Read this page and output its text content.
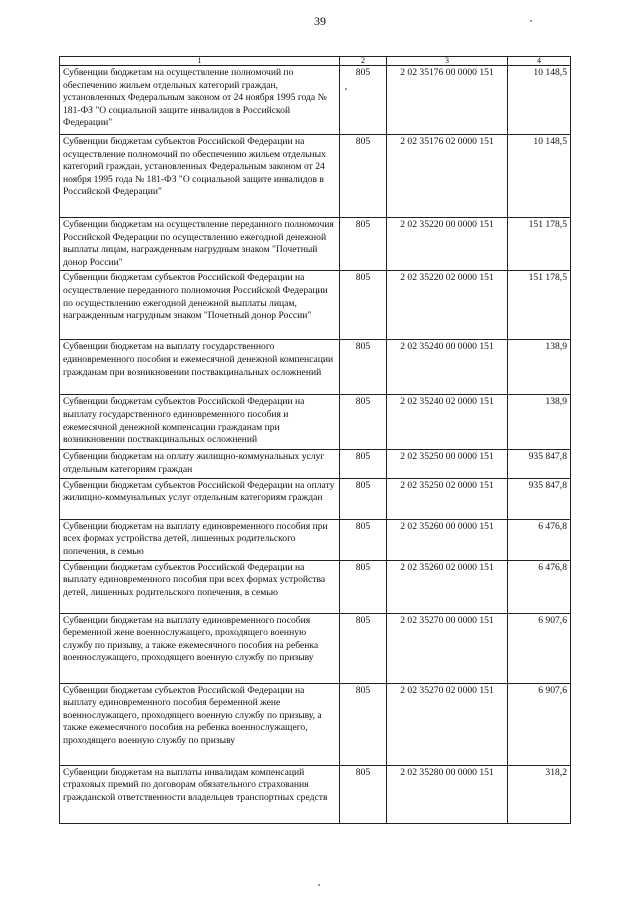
39
1	2	3	4
Субвенции бюджетам на осуществление полномочий по обеспечению жильем отдельных категорий граждан, установленных Федеральным законом от 24 ноября 1995 года № 181-ФЗ "О социальной защите инвалидов в Российской Федерации"	805	2 02 35176 00 0000 151	10 148,5
Субвенции бюджетам субъектов Российской Федерации на осуществление полномочий по обеспечению жильем отдельных категорий граждан, установленных Федеральным законом от 24 ноября 1995 года № 181-ФЗ "О социальной защите инвалидов в Российской Федерации"	805	2 02 35176 02 0000 151	10 148,5
Субвенции бюджетам на осуществление переданного полномочия Российской Федерации по осуществлению ежегодной денежной выплаты лицам, награжденным нагрудным знаком "Почетный донор России"	805	2 02 35220 00 0000 151	151 178,5
Субвенции бюджетам субъектов Российской Федерации на осуществление переданного полномочия Российской Федерации по осуществлению ежегодной денежной выплаты лицам, награжденным нагрудным знаком "Почетный донор России"	805	2 02 35220 02 0000 151	151 178,5
Субвенции бюджетам на выплату государственного единовременного пособия и ежемесячной денежной компенсации гражданам при возникновении поствакцинальных осложнений	805	2 02 35240 00 0000 151	138,9
Субвенции бюджетам субъектов Российской Федерации на выплату государственного единовременного пособия и ежемесячной денежной компенсации гражданам при возникновении поствакцинальных осложнений	805	2 02 35240 02 0000 151	138,9
Субвенции бюджетам на оплату жилищно-коммунальных услуг отдельным категориям граждан	805	2 02 35250 00 0000 151	935 847,8
Субвенции бюджетам субъектов Российской Федерации на оплату жилищно-коммунальных услуг отдельным категориям граждан	805	2 02 35250 02 0000 151	935 847,8
Субвенции бюджетам на выплату единовременного пособия при всех формах устройства детей, лишенных родительского попечения, в семью	805	2 02 35260 00 0000 151	6 476,8
Субвенции бюджетам субъектов Российской Федерации на выплату единовременного пособия при всех формах устройства детей, лишенных родительского попечения, в семью	805	2 02 35260 02 0000 151	6 476,8
Субвенции бюджетам на выплату единовременного пособия беременной жене военнослужащего, проходящего военную службу по призыву, а также ежемесячного пособия на ребенка военнослужащего, проходящего военную службу по призыву	805	2 02 35270 00 0000 151	6 907,6
Субвенции бюджетам субъектов Российской Федерации на выплату единовременного пособия беременной жене военнослужащего, проходящего военную службу по призыву, а также ежемесячного пособия на ребенка военнослужащего, проходящего военную службу по призыву	805	2 02 35270 02 0000 151	6 907,6
Субвенции бюджетам на выплаты инвалидам компенсаций страховых премий по договорам обязательного страхования гражданской ответственности владельцев транспортных средств	805	2 02 35280 00 0000 151	318,2
